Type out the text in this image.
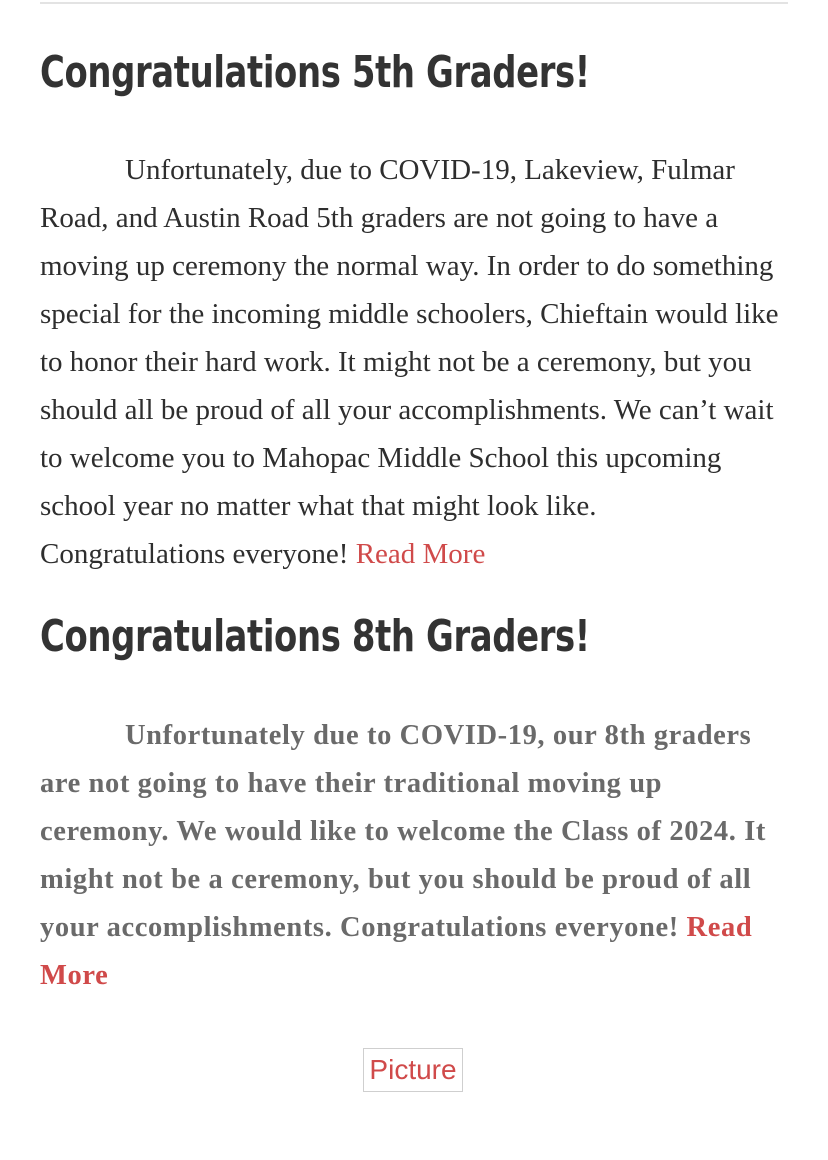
Congratulations 5th Graders!

Unfortunately, due to COVID-19, Lakeview, Fulmar Road, and Austin Road 5th graders are not going to have a moving up ceremony the normal way. In order to do something special for the incoming middle schoolers, Chieftain would like to honor their hard work. It might not be a ceremony, but you should all be proud of all your accomplishments. We can’t wait to welcome you to Mahopac Middle School this upcoming school year no matter what that might look like. Congratulations everyone! Read More

Congratulations 8th Graders!

Unfortunately due to COVID-19, our 8th graders are not going to have their traditional moving up ceremony. We would like to welcome the Class of 2024. It might not be a ceremony, but you should be proud of all your accomplishments. Congratulations everyone! Read More

Picture
